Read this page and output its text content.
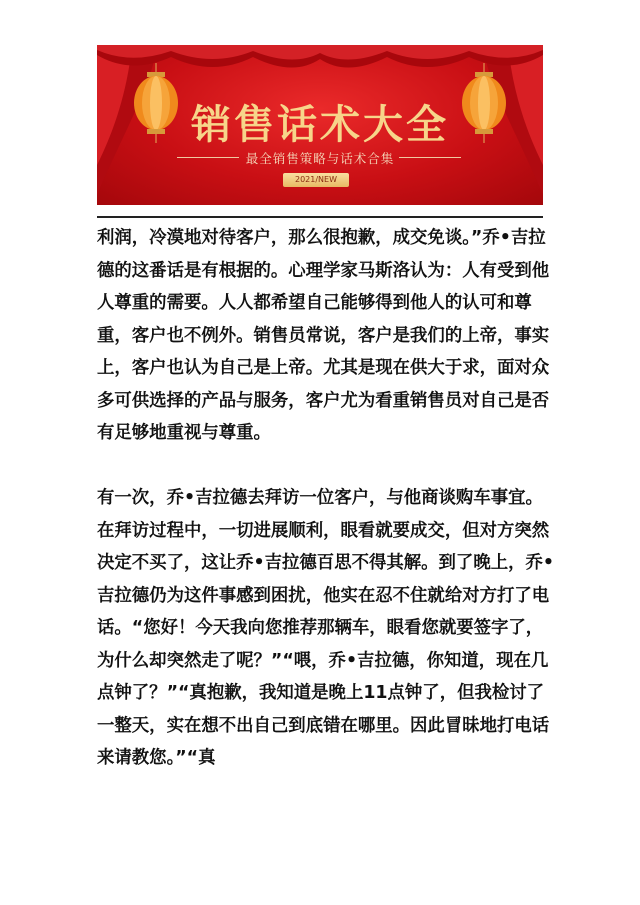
销售话术大全
最全销售策略与话术合集
2021/NEW

利润，冷漠地对待客户，那么很抱歉，成交免谈。”乔•吉拉德的这番话是有根据的。心理学家马斯洛认为：人有受到他人尊重的需要。人人都希望自己能够得到他人的认可和尊重，客户也不例外。销售员常说，客户是我们的上帝，事实上，客户也认为自己是上帝。尤其是现在供大于求，面对众多可供选择的产品与服务，客户尤为看重销售员对自己是否有足够地重视与尊重。

有一次，乔•吉拉德去拜访一位客户，与他商谈购车事宜。在拜访过程中，一切进展顺利，眼看就要成交，但对方突然决定不买了，这让乔•吉拉德百思不得其解。到了晚上，乔•吉拉德仍为这件事感到困扰，他实在忍不住就给对方打了电话。“您好！今天我向您推荐那辆车，眼看您就要签字了，为什么却突然走了呢？”“喂，乔•吉拉德，你知道，现在几点钟了？”“真抱歉，我知道是晚上11点钟了，但我检讨了一整天，实在想不出自己到底错在哪里。因此冒昧地打电话来请教您。”“真
